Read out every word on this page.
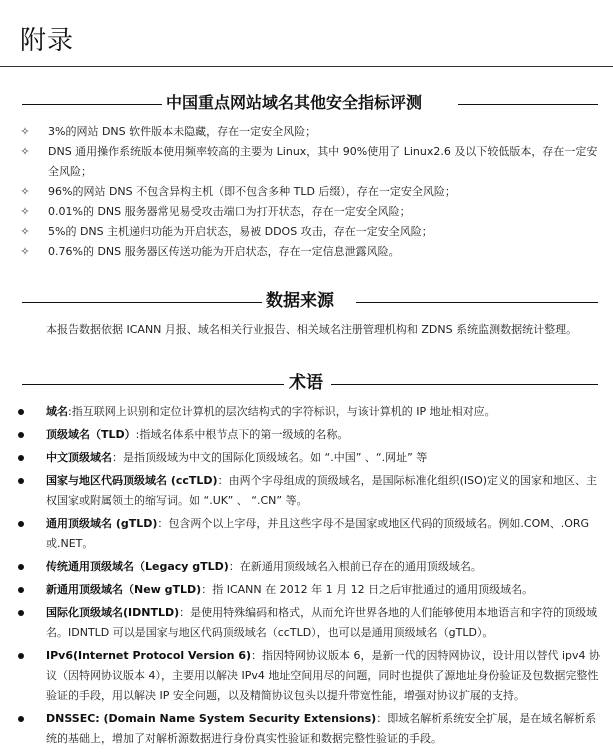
附录
中国重点网站域名其他安全指标评测
✧ 3%的网站 DNS 软件版本未隐藏，存在一定安全风险；
✧ DNS 通用操作系统版本使用频率较高的主要为 Linux，其中 90%使用了 Linux2.6 及以下较低版本，存在一定安全风险；
✧ 96%的网站 DNS 不包含异构主机（即不包含多种 TLD 后缀），存在一定安全风险；
✧ 0.01%的 DNS 服务器常见易受攻击端口为打开状态，存在一定安全风险；
✧ 5%的 DNS 主机递归功能为开启状态，易被 DDOS 攻击，存在一定安全风险；
✧ 0.76%的 DNS 服务器区传送功能为开启状态，存在一定信息泄露风险。
数据来源
本报告数据依据 ICANN 月报、域名相关行业报告、相关域名注册管理机构和 ZDNS 系统监测数据统计整理。
术语
域名:指互联网上识别和定位计算机的层次结构式的字符标识，与该计算机的 IP 地址相对应。
顶级域名（TLD）:指域名体系中根节点下的第一级域的名称。
中文顶级域名：是指顶级域为中文的国际化顶级域名。如 “.中国” 、“.网址” 等
国家与地区代码顶级域名 (ccTLD)：由两个字母组成的顶级域名，是国际标准化组织(ISO)定义的国家和地区、主权国家或附属领土的缩写词。如 “.UK” 、 “.CN” 等。
通用顶级域名 (gTLD)：包含两个以上字母，并且这些字母不是国家或地区代码的顶级域名。例如.COM、.ORG 或.NET。
传统通用顶级域名（Legacy gTLD)：在新通用顶级域名入根前已存在的通用顶级域名。
新通用顶级域名（New gTLD)：指 ICANN 在 2012 年 1 月 12 日之后审批通过的通用顶级域名。
国际化顶级域名(IDNTLD)：是使用特殊编码和格式，从而允许世界各地的人们能够使用本地语言和字符的顶级域名。IDNTLD 可以是国家与地区代码顶级域名（ccTLD），也可以是通用顶级域名（gTLD）。
IPv6(Internet Protocol Version 6)：指因特网协议版本 6，是新一代的因特网协议，设计用以替代 ipv4 协议（因特网协议版本 4），主要用以解决 IPv4 地址空间用尽的问题，同时也提供了源地址身份验证及包数据完整性验证的手段，用以解决 IP 安全问题，以及精简协议包头以提升带宽性能，增强对协议扩展的支持。
DNSSEC: (Domain Name System Security Extensions)：即域名解析系统安全扩展，是在域名解析系统的基础上，增加了对解析源数据进行身份真实性验证和数据完整性验证的手段。
